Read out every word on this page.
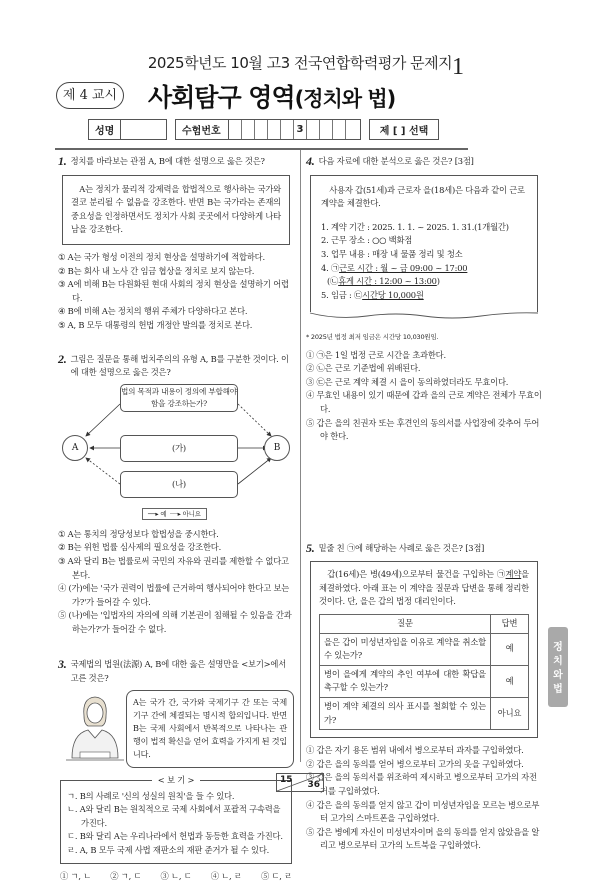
2025학년도 10월 고3 전국연합학력평가 문제지 1
제 4 교시 사회탐구 영역(정치와 법)
성명	수험번호	3	제 [ ] 선택
1. 정치를 바라보는 관점 A, B에 대한 설명으로 옳은 것은?
A는 정치가 물리적 강제력을 합법적으로 행사하는 국가와 결코 분리될 수 없음을 강조한다. 반면 B는 국가라는 존재의 중요성을 인정하면서도 정치가 사회 곳곳에서 다양하게 나타남을 강조한다.
① A는 국가 형성 이전의 정치 현상을 설명하기에 적합하다.
② B는 회사 내 노사 간 임금 협상을 정치로 보지 않는다.
③ A에 비해 B는 다원화된 현대 사회의 정치 현상을 설명하기 어렵다.
④ B에 비해 A는 정치의 행위 주체가 다양하다고 본다.
⑤ A, B 모두 대통령의 헌법 개정안 발의를 정치로 본다.
2. 그림은 질문을 통해 법치주의의 유형 A, B를 구분한 것이다. 이에 대한 설명으로 옳은 것은?
A	B
법의 목적과 내용이 정의에 부합해야 함을 강조하는가?
(가)
(나)
──▸ 예 ┈┈▸ 아니요
① A는 통치의 정당성보다 합법성을 중시한다.
② B는 위헌 법률 심사제의 필요성을 강조한다.
③ A와 달리 B는 법률로써 국민의 자유와 권리를 제한할 수 없다고 본다.
④ (가)에는 '국가 권력이 법률에 근거하여 행사되어야 한다고 보는가?'가 들어갈 수 있다.
⑤ (나)에는 '입법자의 자의에 의해 기본권이 침해될 수 있음을 간과하는가?'가 들어갈 수 없다.
3. 국제법의 법원(法源) A, B에 대한 옳은 설명만을 <보기>에서 고른 것은?
A는 국가 간, 국가와 국제기구 간 또는 국제기구 간에 체결되는 명시적 합의입니다. 반면 B는 국제 사회에서 반복적으로 나타나는 관행이 법적 확신을 얻어 효력을 가지게 된 것입니다.
< 보 기 >
ㄱ. B의 사례로 '신의 성실의 원칙'을 들 수 있다.
ㄴ. A와 달리 B는 원칙적으로 국제 사회에서 포괄적 구속력을 가진다.
ㄷ. B와 달리 A는 우리나라에서 헌법과 동등한 효력을 가진다.
ㄹ. A, B 모두 국제 사법 재판소의 재판 준거가 될 수 있다.
① ㄱ, ㄴ ② ㄱ, ㄷ ③ ㄴ, ㄷ ④ ㄴ, ㄹ ⑤ ㄷ, ㄹ
4. 다음 자료에 대한 분석으로 옳은 것은? [3점]
사용자 갑(51세)과 근로자 을(18세)은 다음과 같이 근로 계약을 체결한다.
1. 계약 기간 : 2025. 1. 1. ~ 2025. 1. 31.(1개월간)
2. 근무 장소 : ○○ 백화점
3. 업무 내용 : 매장 내 물품 정리 및 청소
4. ㉠근로 시간 : 월 ~ 금 09:00 ~ 17:00
(㉡휴게 시간 : 12:00 ~ 13:00)
5. 임금 : ㉢시간당 10,000원
* 2025년 법정 최저 임금은 시간당 10,030원임.
① ㉠은 1일 법정 근로 시간을 초과한다.
② ㉡은 근로 기준법에 위배된다.
③ ㉢은 근로 계약 체결 시 을이 동의하였더라도 무효이다.
④ 무효인 내용이 있기 때문에 갑과 을의 근로 계약은 전체가 무효이다.
⑤ 갑은 을의 친권자 또는 후견인의 동의서를 사업장에 갖추어 두어야 한다.
5. 밑줄 친 ㉠에 해당하는 사례로 옳은 것은? [3점]
갑(16세)은 병(49세)으로부터 물건을 구입하는 ㉠계약을 체결하였다. 아래 표는 이 계약을 질문과 답변을 통해 정리한 것이다. 단, 을은 갑의 법정 대리인이다.
질문	답변
을은 갑이 미성년자임을 이유로 계약을 취소할 수 있는가?	예
병이 을에게 계약의 추인 여부에 대한 확답을 촉구할 수 있는가?	예
병이 계약 체결의 의사 표시를 철회할 수 있는가?	아니요
① 갑은 자기 용돈 범위 내에서 병으로부터 과자를 구입하였다.
② 갑은 을의 동의를 얻어 병으로부터 고가의 옷을 구입하였다.
③ 갑은 을의 동의서를 위조하여 제시하고 병으로부터 고가의 자전거를 구입하였다.
④ 갑은 을의 동의를 얻지 않고 갑이 미성년자임을 모르는 병으로부터 고가의 스마트폰을 구입하였다.
⑤ 갑은 병에게 자신이 미성년자이며 을의 동의를 얻지 않았음을 알리고 병으로부터 고가의 노트북을 구입하였다.
정
치
와
법
15 36
